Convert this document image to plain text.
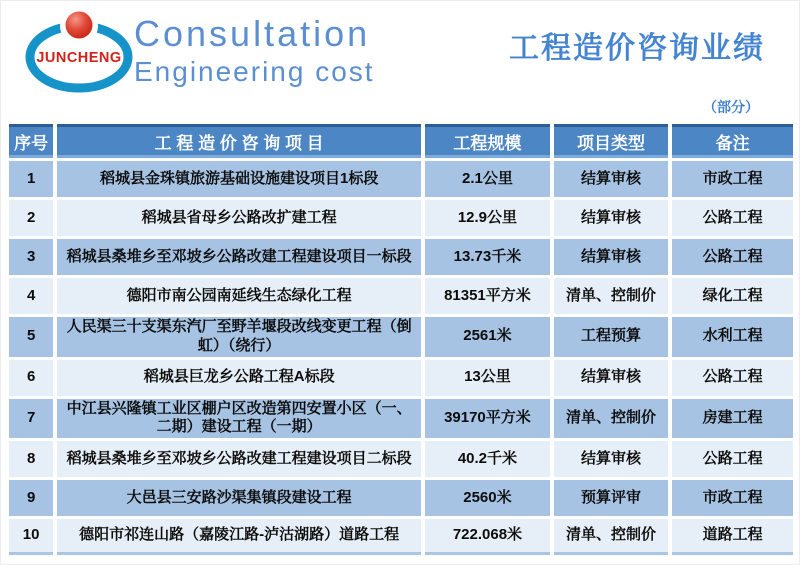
JUNCHENG
Consultation
Engineering cost
工程造价咨询业绩
（部分）
序号	工 程 造 价 咨 询 项 目	工程规模	项目类型	备注
1	稻城县金珠镇旅游基础设施建设项目1标段	2.1公里	结算审核	市政工程
2	稻城县省母乡公路改扩建工程	12.9公里	结算审核	公路工程
3	稻城县桑堆乡至邓坡乡公路改建工程建设项目一标段	13.73千米	结算审核	公路工程
4	德阳市南公园南延线生态绿化工程	81351平方米	清单、控制价	绿化工程
5	人民渠三十支渠东汽厂至野羊堰段改线变更工程（倒虹）（绕行）	2561米	工程预算	水利工程
6	稻城县巨龙乡公路工程A标段	13公里	结算审核	公路工程
7	中江县兴隆镇工业区棚户区改造第四安置小区（一、二期）建设工程（一期）	39170平方米	清单、控制价	房建工程
8	稻城县桑堆乡至邓坡乡公路改建工程建设项目二标段	40.2千米	结算审核	公路工程
9	大邑县三安路沙渠集镇段建设工程	2560米	预算评审	市政工程
10	德阳市祁连山路（嘉陵江路-泸沽湖路）道路工程	722.068米	清单、控制价	道路工程
